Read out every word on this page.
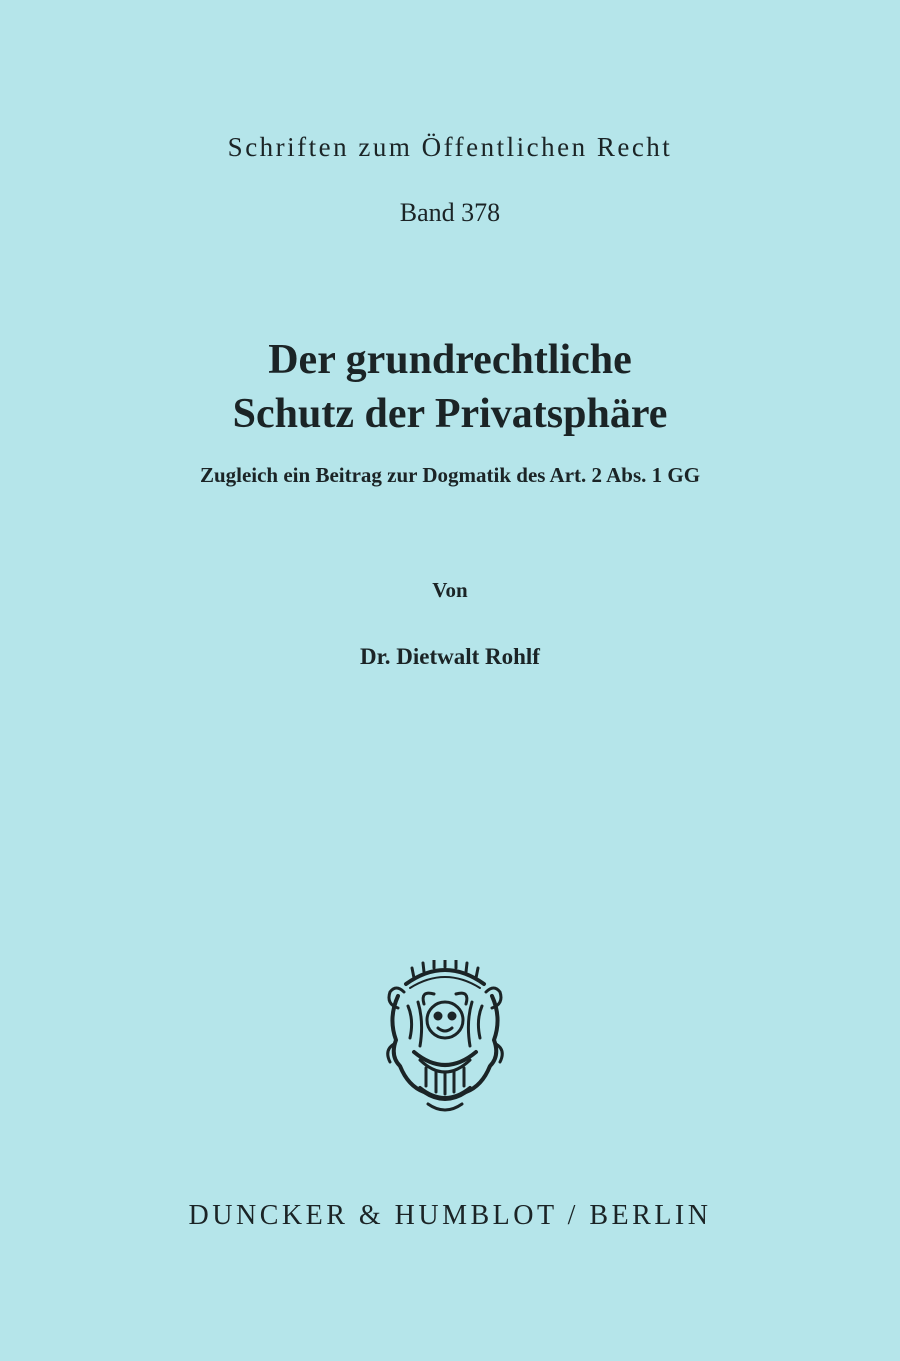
Schriften zum Öffentlichen Recht
Band 378
Der grundrechtliche
Schutz der Privatsphäre
Zugleich ein Beitrag zur Dogmatik des Art. 2 Abs. 1 GG
Von
Dr. Dietwalt Rohlf
DUNCKER & HUMBLOT / BERLIN
